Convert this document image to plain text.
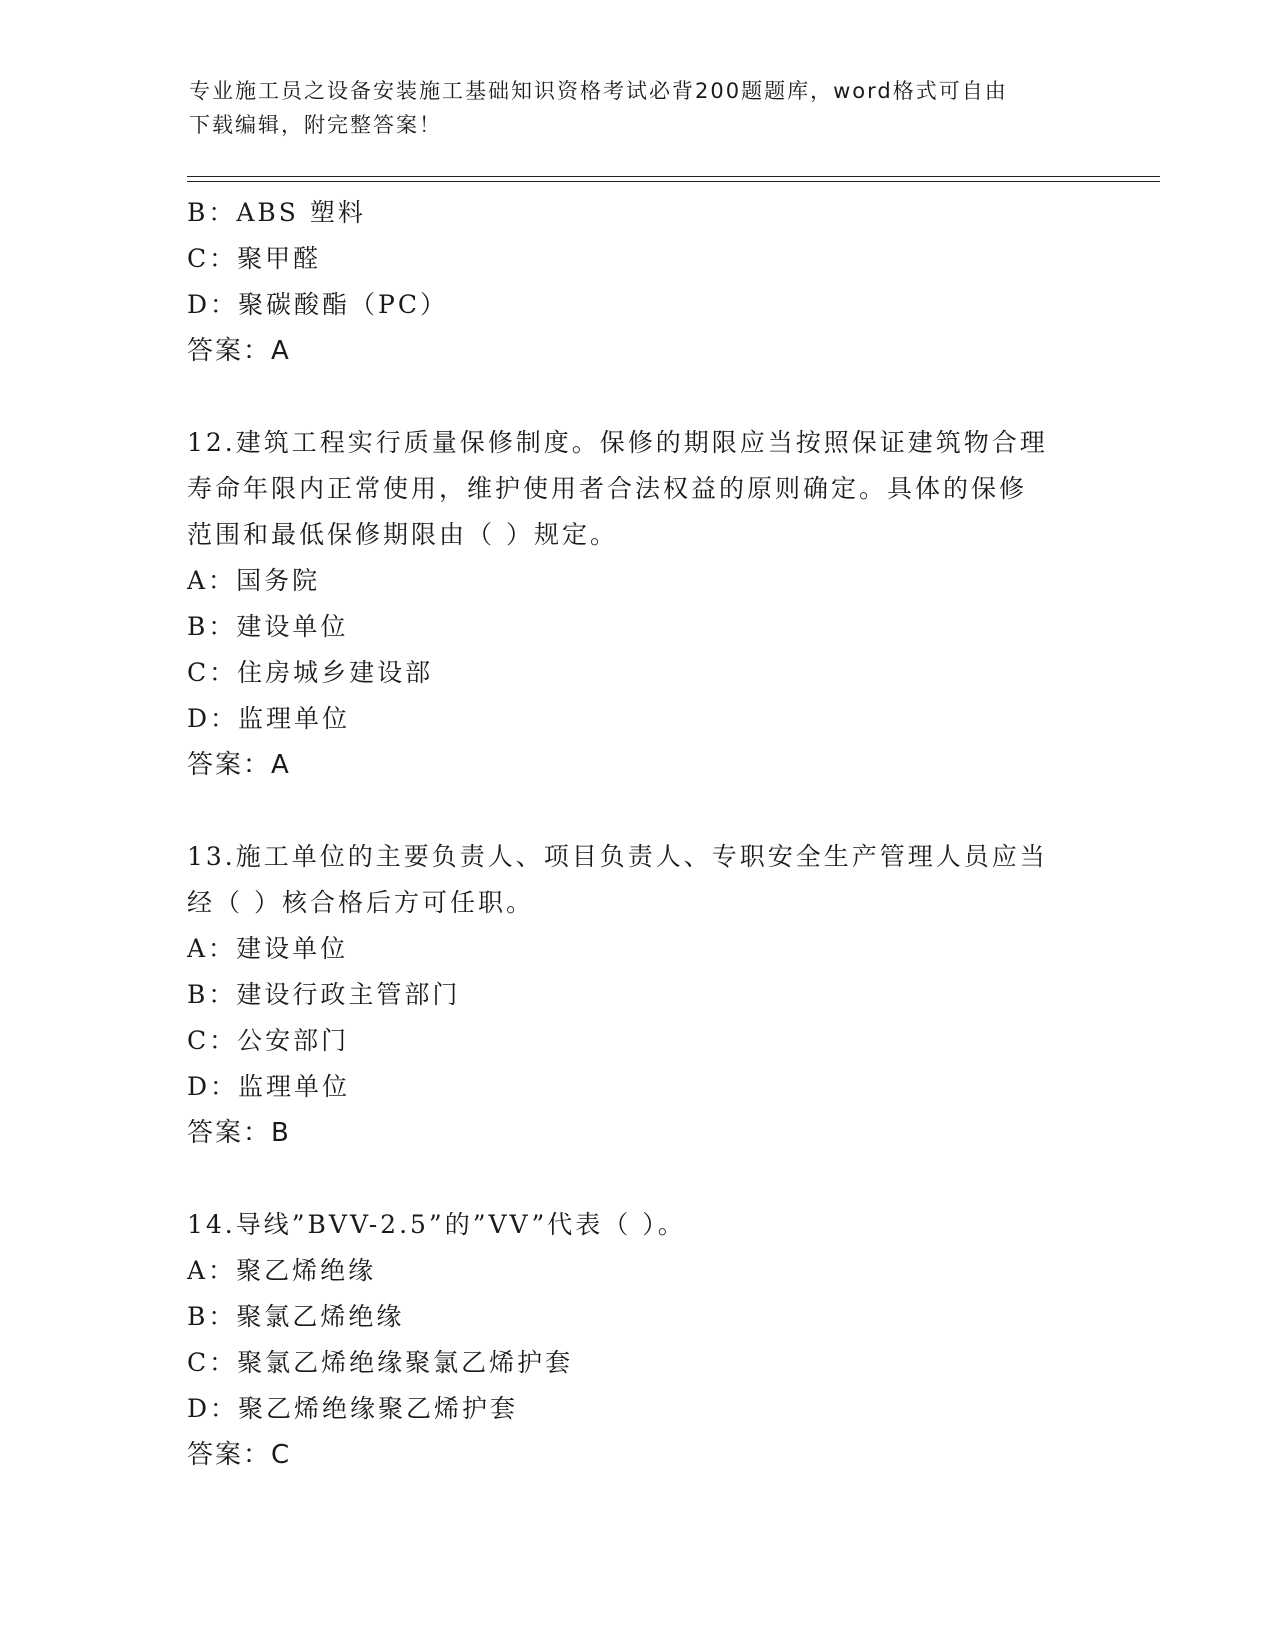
专业施工员之设备安装施工基础知识资格考试必背200题题库，word格式可自由
下载编辑，附完整答案！
B： ABS 塑料
C： 聚甲醛
D： 聚碳酸酯（PC）
答案：A
12.建筑工程实行质量保修制度。保修的期限应当按照保证建筑物合理
寿命年限内正常使用，维护使用者合法权益的原则确定。具体的保修
范围和最低保修期限由（ ）规定。
A： 国务院
B： 建设单位
C： 住房城乡建设部
D： 监理单位
答案：A
13.施工单位的主要负责人、项目负责人、专职安全生产管理人员应当
经（ ）核合格后方可任职。
A： 建设单位
B： 建设行政主管部门
C： 公安部门
D： 监理单位
答案：B
14.导线”BVV-2.5”的”VV”代表（ ）。
A： 聚乙烯绝缘
B： 聚氯乙烯绝缘
C： 聚氯乙烯绝缘聚氯乙烯护套
D： 聚乙烯绝缘聚乙烯护套
答案：C
